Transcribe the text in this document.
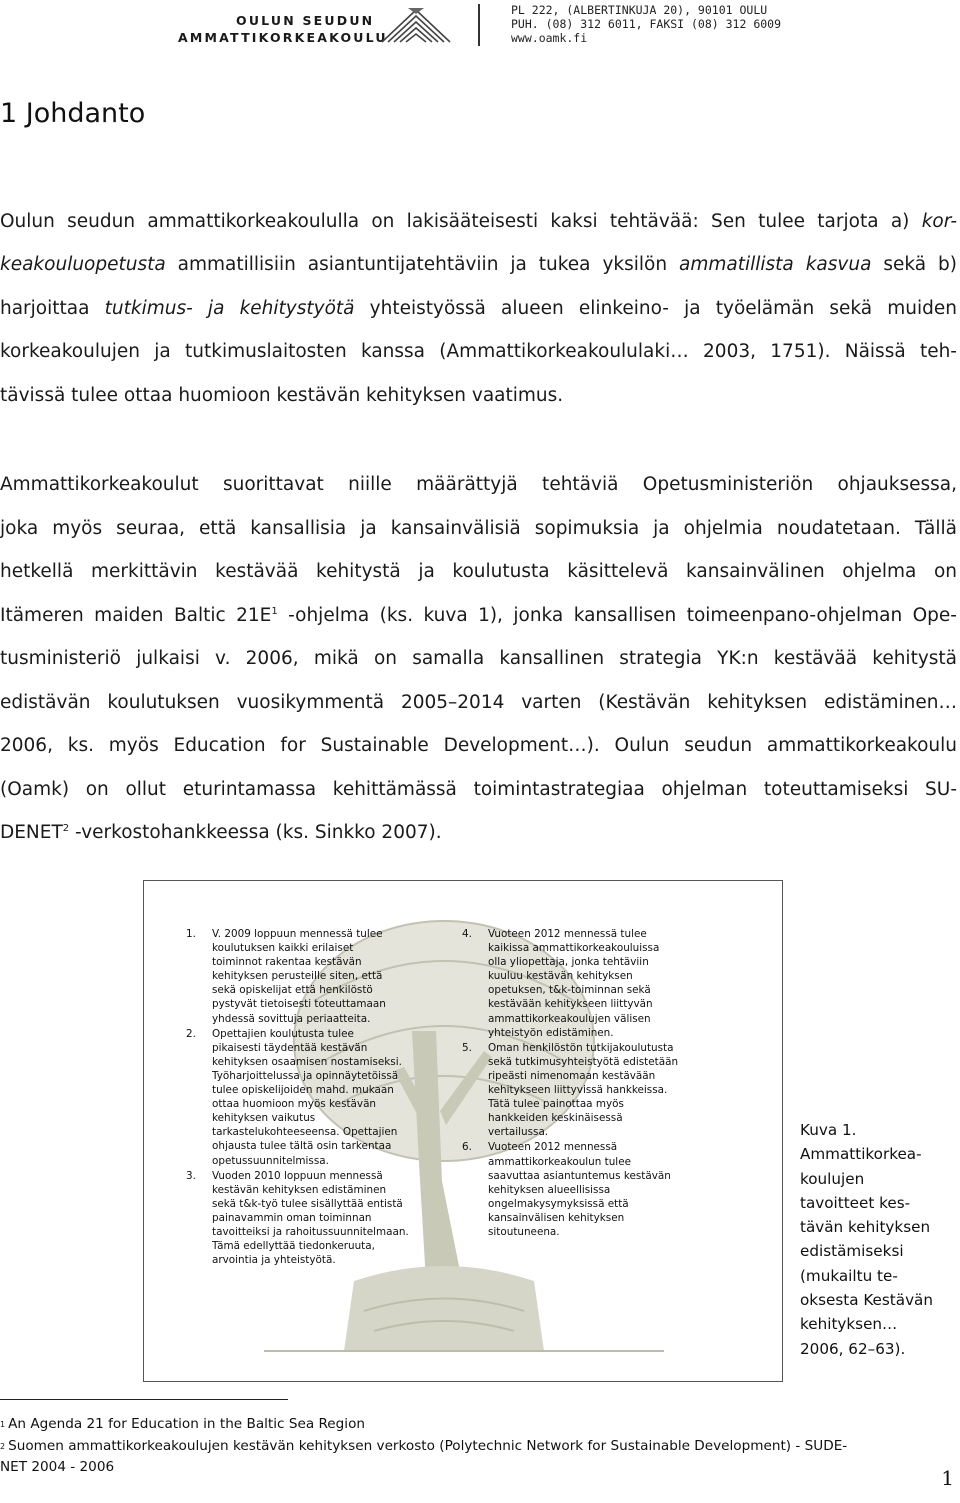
OULUN SEUDUN
AMMATTIKORKEAKOULU
PL 222, (ALBERTINKUJA 20), 90101 OULU
PUH. (08) 312 6011, FAKSI (08) 312 6009
www.oamk.fi
1 Johdanto

Oulun seudun ammattikorkeakoululla on lakisääteisesti kaksi tehtävää: Sen tulee tarjota a) kor-
keakouluopetusta ammatillisiin asiantuntijatehtäviin ja tukea yksilön ammatillista kasvua sekä b)
harjoittaa tutkimus- ja kehitystyötä yhteistyössä alueen elinkeino- ja työelämän sekä muiden
korkeakoulujen ja tutkimuslaitosten kanssa (Ammattikorkeakoululaki… 2003, 1751). Näissä teh-
tävissä tulee ottaa huomioon kestävän kehityksen vaatimus.

Ammattikorkeakoulut suorittavat niille määrättyjä tehtäviä Opetusministeriön ohjauksessa,
joka myös seuraa, että kansallisia ja kansainvälisiä sopimuksia ja ohjelmia noudatetaan. Tällä
hetkellä merkittävin kestävää kehitystä ja koulutusta käsittelevä kansainvälinen ohjelma on
Itämeren maiden Baltic $21E^1$ -ohjelma (ks. kuva 1), jonka kansallisen toimeenpano-ohjelman Ope-
tusministeriö julkaisi v. 2006, mikä on samalla kansallinen strategia YK:n kestävää kehitystä
edistävän koulutuksen vuosikymmentä 2005–2014 varten (Kestävän kehityksen edistäminen…
2006, ks. myös Education for Sustainable Development…). Oulun seudun ammattikorkeakoulu
(Oamk) on ollut eturintamassa kehittämässä toimintastrategiaa ohjelman toteuttamiseksi SU-
DENET$^2$ -verkostohankkeessa (ks. Sinkko 2007).

1. V. 2009 loppuun mennessä tulee
koulutuksen kaikki erilaiset
toiminnot rakentaa kestävän
kehityksen perusteille siten, että
sekä opiskelijat että henkilöstö
pystyvät tietoisesti toteuttamaan
yhdessä sovittuja periaatteita.
2. Opettajien koulutusta tulee
pikaisesti täydentää kestävän
kehityksen osaamisen nostamiseksi.
Työharjoittelussa ja opinnäytetöissä
tulee opiskelijoiden mahd. mukaan
ottaa huomioon myös kestävän
kehityksen vaikutus
tarkastelukohteeseensa. Opettajien
ohjausta tulee tältä osin tarkentaa
opetussuunnitelmissa.
3. Vuoden 2010 loppuun mennessä
kestävän kehityksen edistäminen
sekä t&k-työ tulee sisällyttää entistä
painavammin oman toiminnan
tavoitteiksi ja rahoitussuunnitelmaan.
Tämä edellyttää tiedonkeruuta,
arvointia ja yhteistyötä.
4. Vuoteen 2012 mennessä tulee
kaikissa ammattikorkeakouluissa
olla yliopettaja, jonka tehtäviin
kuuluu kestävän kehityksen
opetuksen, t&k-toiminnan sekä
kestävään kehitykseen liittyvän
ammattikorkeakoulujen välisen
yhteistyön edistäminen.
5. Oman henkilöstön tutkijakoulutusta
sekä tutkimusyhteistyötä edistetään
ripeästi nimenomaan kestävään
kehitykseen liittyvissä hankkeissa.
Tätä tulee painottaa myös
hankkeiden keskinäisessä
vertailussa.
6. Vuoteen 2012 mennessä
ammattikorkeakoulun tulee
saavuttaa asiantuntemus kestävän
kehityksen alueellisissa
ongelmakysymyksissä että
kansainvälisen kehityksen
sitoutuneena.
Kuva 1.
Ammattikorkea-
koulujen
tavoitteet kes-
tävän kehityksen
edistämiseksi
(mukailtu te-
oksesta Kestävän
kehityksen…
2006, 62–63).
$^1$ An Agenda 21 for Education in the Baltic Sea Region
$^2$ Suomen ammattikorkeakoulujen kestävän kehityksen verkosto (Polytechnic Network for Sustainable Development) - SUDE-
NET 2004 - 2006	1
